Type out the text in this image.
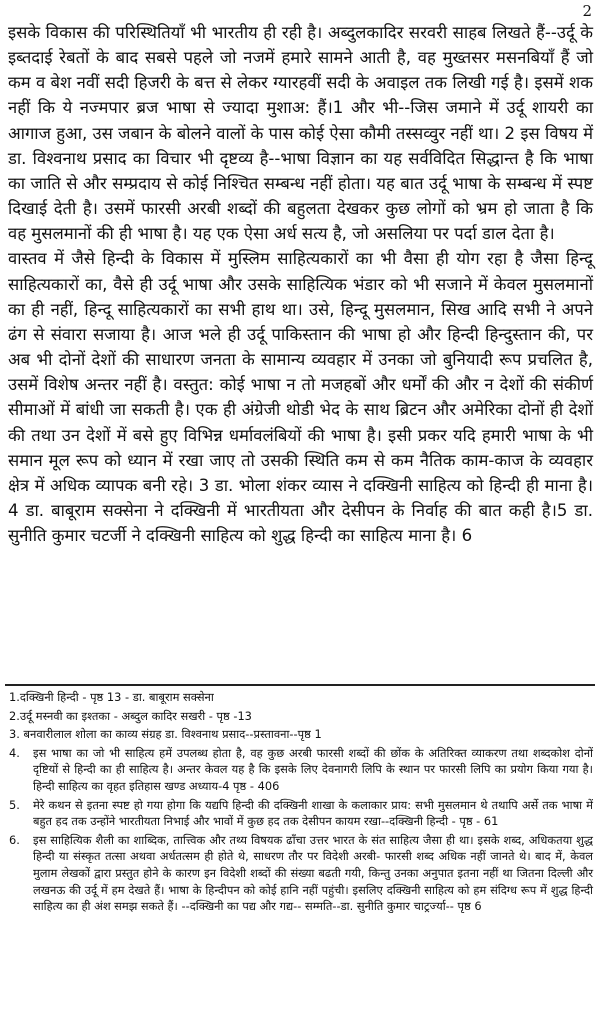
2

इसके विकास की परिस्थितियाँ भी भारतीय ही रही है। अब्दुलकादिर सरवरी साहब लिखते हैं--उर्दू के इब्तदाई रेबतों के बाद सबसे पहले जो नजमें हमारे सामने आती है, वह मुख्तसर मसनबियाँ हैं जो कम व बेश नवीं सदी हिजरी के बत्त से लेकर ग्यारहवीं सदी के अवाइल तक लिखी गई है। इसमें शक नहीं कि ये नज्मपार ब्रज भाषा से ज्यादा मुशाअ: हैं।1 और भी--जिस जमाने में उर्दू शायरी का आगाज हुआ, उस जबान के बोलने वालों के पास कोई ऐसा कौमी तस्सव्वुर नहीं था। 2 इस विषय में डा. विश्वनाथ प्रसाद का विचार भी दृष्टव्य है--भाषा विज्ञान का यह सर्वविदित सिद्धान्त है कि भाषा का जाति से और सम्प्रदाय से कोई निश्चित सम्बन्ध नहीं होता। यह बात उर्दू भाषा के सम्बन्ध में स्पष्ट दिखाई देती है। उसमें फारसी अरबी शब्दों की बहुलता देखकर कुछ लोगों को भ्रम हो जाता है कि वह मुसलमानों की ही भाषा है। यह एक ऐसा अर्ध सत्य है, जो असलिया पर पर्दा डाल देता है।

वास्तव में जैसे हिन्दी के विकास में मुस्लिम साहित्यकारों का भी वैसा ही योग रहा है जैसा हिन्दू साहित्यकारों का, वैसे ही उर्दू भाषा और उसके साहित्यिक भंडार को भी सजाने में केवल मुसलमानों का ही नहीं, हिन्दू साहित्यकारों का सभी हाथ था। उसे, हिन्दू मुसलमान, सिख आदि सभी ने अपने ढंग से संवारा सजाया है। आज भले ही उर्दू पाकिस्तान की भाषा हो और हिन्दी हिन्दुस्तान की, पर अब भी दोनों देशों की साधारण जनता के सामान्य व्यवहार में उनका जो बुनियादी रूप प्रचलित है, उसमें विशेष अन्तर नहीं है। वस्तुत: कोई भाषा न तो मजहबों और धर्मों की और न देशों की संकीर्ण सीमाओं में बांधी जा सकती है। एक ही अंग्रेजी थोडी भेद के साथ ब्रिटन और अमेरिका दोनों ही देशों की तथा उन देशों में बसे हुए विभिन्न धर्मावलंबियों की भाषा है। इसी प्रकर यदि हमारी भाषा के भी समान मूल रूप को ध्यान में रखा जाए तो उसकी स्थिति कम से कम नैतिक काम-काज के व्यवहार क्षेत्र में अधिक व्यापक बनी रहे। 3 डा. भोला शंकर व्यास ने दक्खिनी साहित्य को हिन्दी ही माना है।4 डा. बाबूराम सक्सेना ने दक्खिनी में भारतीयता और देसीपन के निर्वाह की बात कही है।5 डा. सुनीति कुमार चटर्जी ने दक्खिनी साहित्य को शुद्ध हिन्दी का साहित्य माना है। 6

1.दक्खिनी हिन्दी - पृष्ठ 13 - डा. बाबूराम सक्सेना
2.उर्दू मस्नवी का इश्तका - अब्दुल कादिर सखरी - पृष्ठ -13
3. बनवारीलाल शोला का काव्य संग्रह डा. विश्वनाथ प्रसाद--प्रस्तावना--पृष्ठ 1
4. इस भाषा का जो भी साहित्य हमें उपलब्ध होता है, वह कुछ अरबी फारसी शब्दों की छोंक के अतिरिक्त व्याकरण तथा शब्दकोश दोनों दृष्टियों से हिन्दी का ही साहित्य है। अन्तर केवल यह है कि इसके लिए देवनागरी लिपि के स्थान पर फारसी लिपि का प्रयोग किया गया है। हिन्दी साहित्य का वृहत इतिहास खण्ड अध्याय-4 पृष्ठ - 406
5. मेरे कथन से इतना स्पष्ट हो गया होगा कि यद्यपि हिन्दी की दक्खिनी शाखा के कलाकार प्राय: सभी मुसलमान थे तथापि अर्से तक भाषा में बहुत हद तक उन्होंने भारतीयता निभाई और भावों में कुछ हद तक देसीपन कायम रखा--दक्खिनी हिन्दी - पृष्ठ - 61
6. इस साहित्यिक शैली का शाब्दिक, तात्त्विक और तथ्य विषयक ढाँचा उत्तर भारत के संत साहित्य जैसा ही था। इसके शब्द, अधिकतया शुद्ध हिन्दी या संस्कृत तत्सा अथवा अर्धतत्सम ही होते थे, साधरण तौर पर विदेशी अरबी- फारसी शब्द अधिक नहीं जानते थे। बाद में, केवल मुलाम लेखकों द्वारा प्रस्तुत होने के कारण इन विदेशी शब्दों की संख्या बढती गयी, किन्तु उनका अनुपात इतना नहीं था जितना दिल्ली और लखनऊ की उर्दू में हम देखते हैं। भाषा के हिन्दीपन को कोई हानि नहीं पहुंची। इसलिए दक्खिनी साहित्य को हम संदिग्ध रूप में शुद्ध हिन्दी साहित्य का ही अंश समझ सकते हैं। --दक्खिनी का पद्य और गद्य-- सम्मति--डा. सुनीति कुमार चाट्रर्ज्या-- पृष्ठ 6
